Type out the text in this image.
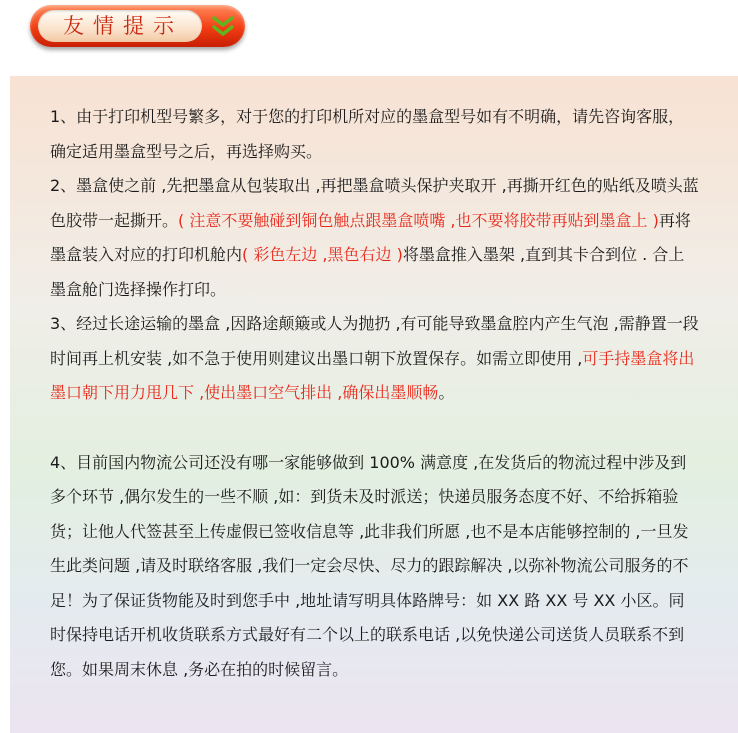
友情提示

1、由于打印机型号繁多，对于您的打印机所对应的墨盒型号如有不明确，请先咨询客服，确定适用墨盒型号之后，再选择购买。

2、墨盒使之前 ,先把墨盒从包装取出 ,再把墨盒喷头保护夹取开 ,再撕开红色的贴纸及喷头蓝色胶带一起撕开。( 注意不要触碰到铜色触点跟墨盒喷嘴 ,也不要将胶带再贴到墨盒上 )再将墨盒装入对应的打印机舱内( 彩色左边 ,黑色右边 )将墨盒推入墨架 ,直到其卡合到位 . 合上墨盒舱门选择操作打印。

3、经过长途运输的墨盒 ,因路途颠簸或人为抛扔 ,有可能导致墨盒腔内产生气泡 ,需静置一段时间再上机安装 ,如不急于使用则建议出墨口朝下放置保存。如需立即使用 ,可手持墨盒将出墨口朝下用力甩几下 ,使出墨口空气排出 ,确保出墨顺畅。

4、目前国内物流公司还没有哪一家能够做到 100% 满意度 ,在发货后的物流过程中涉及到多个环节 ,偶尔发生的一些不顺 ,如：到货未及时派送；快递员服务态度不好、不给拆箱验货；让他人代签甚至上传虚假已签收信息等 ,此非我们所愿 ,也不是本店能够控制的 ,一旦发生此类问题 ,请及时联络客服 ,我们一定会尽快、尽力的跟踪解决 ,以弥补物流公司服务的不足！为了保证货物能及时到您手中 ,地址请写明具体路牌号：如 XX 路 XX 号 XX 小区。同时保持电话开机收货联系方式最好有二个以上的联系电话 ,以免快递公司送货人员联系不到您。如果周末休息 ,务必在拍的时候留言。
